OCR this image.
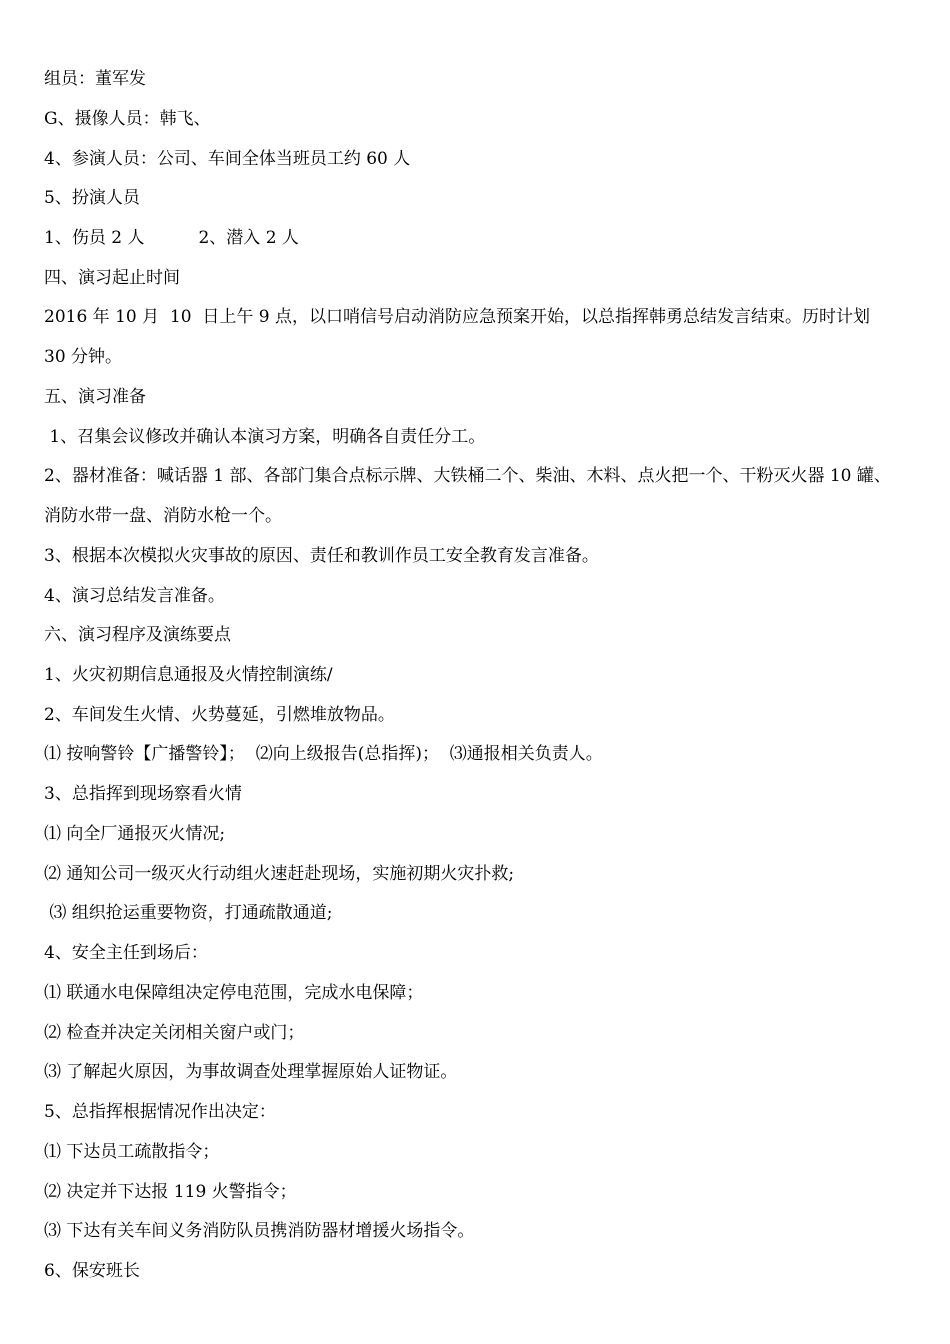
组员：董军发
G、摄像人员：韩飞、
4、参演人员：公司、车间全体当班员工约 60 人
5、扮演人员
1、伤员 2 人          2、潜入 2 人
四、演习起止时间
2016 年 10 月  10  日上午 9 点，以口哨信号启动消防应急预案开始，以总指挥韩勇总结发言结束。历时计划
30 分钟。
五、演习准备
1、召集会议修改并确认本演习方案，明确各自责任分工。
2、器材准备：喊话器 1 部、各部门集合点标示牌、大铁桶二个、柴油、木料、点火把一个、干粉灭火器 10 罐、
消防水带一盘、消防水枪一个。
3、根据本次模拟火灾事故的原因、责任和教训作员工安全教育发言准备。
4、演习总结发言准备。
六、演习程序及演练要点
1、火灾初期信息通报及火情控制演练/
2、车间发生火情、火势蔓延，引燃堆放物品。
⑴ 按响警铃【广播警铃】；  ⑵向上级报告(总指挥)；  ⑶通报相关负责人。
3、总指挥到现场察看火情
⑴ 向全厂通报灭火情况;
⑵ 通知公司一级灭火行动组火速赶赴现场，实施初期火灾扑救;
⑶ 组织抢运重要物资，打通疏散通道;
4、安全主任到场后：
⑴ 联通水电保障组决定停电范围，完成水电保障；
⑵ 检查并决定关闭相关窗户或门；
⑶ 了解起火原因，为事故调查处理掌握原始人证物证。
5、总指挥根据情况作出决定：
⑴ 下达员工疏散指令；
⑵ 决定并下达报 119 火警指令；
⑶ 下达有关车间义务消防队员携消防器材增援火场指令。
6、保安班长
